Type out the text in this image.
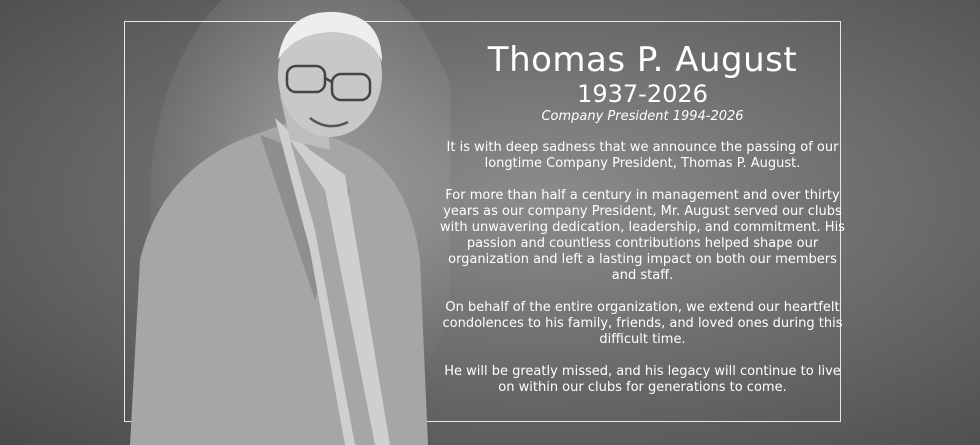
Thomas P. August

1937-2026

Company President 1994-2026

It is with deep sadness that we announce the passing of our longtime Company President, Thomas P. August.

For more than half a century in management and over thirty years as our company President, Mr. August served our clubs with unwavering dedication, leadership, and commitment. His passion and countless contributions helped shape our organization and left a lasting impact on both our members and staff.

On behalf of the entire organization, we extend our heartfelt condolences to his family, friends, and loved ones during this difficult time.

He will be greatly missed, and his legacy will continue to live on within our clubs for generations to come.
